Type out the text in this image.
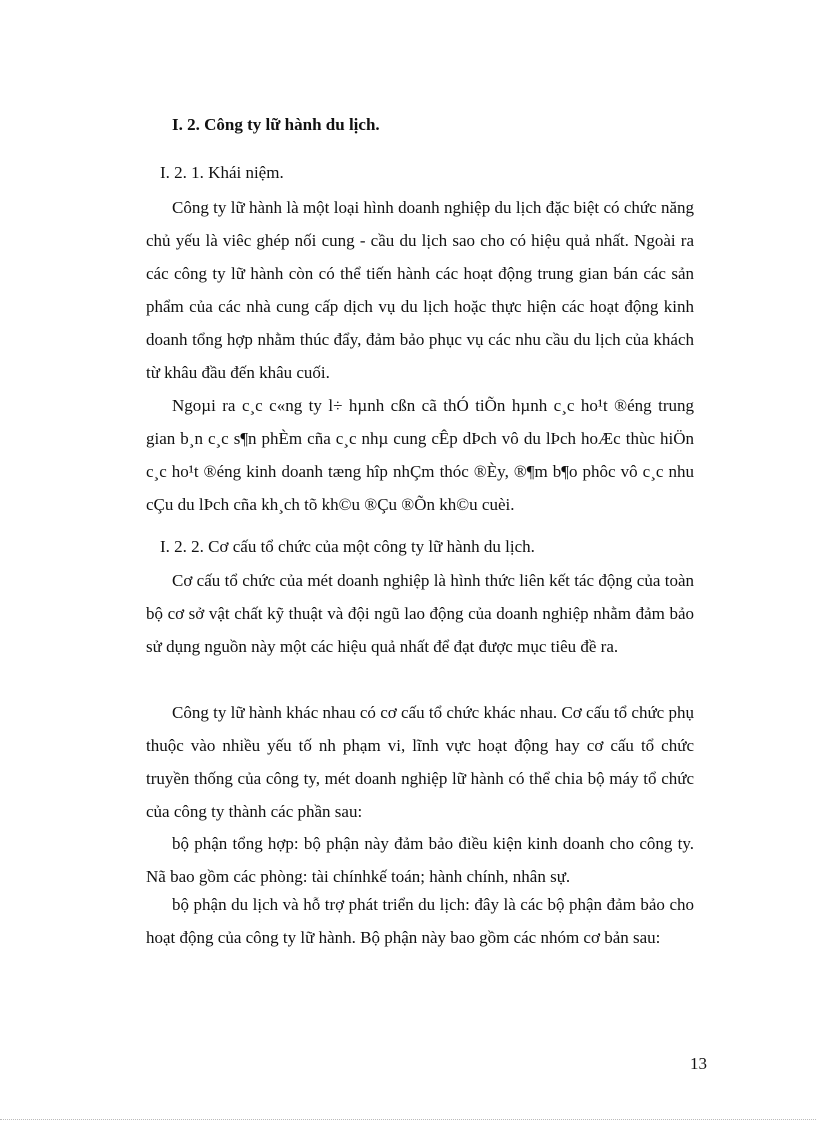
I. 2. Công ty lữ hành du lịch.
I. 2. 1. Khái niệm.

Công ty lữ hành là một loại hình doanh nghiệp du lịch đặc biệt có chức năng chủ yếu là viêc ghép nối cung - cầu du lịch sao cho có hiệu quả nhất. Ngoài ra các công ty lữ hành còn có thể tiến hành các hoạt động trung gian bán các sản phẩm của các nhà cung cấp dịch vụ du lịch hoặc thực hiện các hoạt động kinh doanh tổng hợp nhằm thúc đẩy, đảm bảo phục vụ các nhu cầu du lịch của khách từ khâu đầu đến khâu cuối.

Ngoµi ra c¸c c«ng ty l÷ hµnh cßn cã thÓ tiÕn hµnh c¸c ho¹t ®éng trung gian b¸n c¸c s¶n phÈm cña c¸c nhµ cung cÊp dÞch vô du lÞch hoÆc thùc hiÖn c¸c ho¹t ®éng kinh doanh tæng hîp nhÇm thóc ®Èy, ®¶m b¶o phôc vô c¸c nhu cÇu du lÞch cña kh¸ch tõ kh©u ®Çu ®Õn kh©u cuèi.

I. 2. 2. Cơ cấu tổ chức của một công ty lữ hành du lịch.

Cơ cấu tổ chức của mét doanh nghiệp là hình thức liên kết tác động của toàn bộ cơ sở vật chất kỹ thuật và đội ngũ lao động của doanh nghiệp nhằm đảm bảo sử dụng nguồn này một các hiệu quả nhất để đạt được mục tiêu đề ra.

Công ty lữ hành khác nhau có cơ cấu tổ chức khác nhau. Cơ cấu tổ chức phụ thuộc vào nhiều yếu tố nh phạm vi, lĩnh vực hoạt động hay cơ cấu tổ chức truyền thống của công ty, mét doanh nghiệp lữ hành có thể chia bộ máy tổ chức của công ty thành các phần sau:

bộ phận tổng hợp: bộ phận này đảm bảo điều kiện kinh doanh cho công ty. Nã bao gồm các phòng: tài chínhkế toán; hành chính, nhân sự.

bộ phận du lịch và hỗ trợ phát triển du lịch: đây là các bộ phận đảm bảo cho hoạt động của công ty lữ hành. Bộ phận này bao gồm các nhóm cơ bản sau:

13
